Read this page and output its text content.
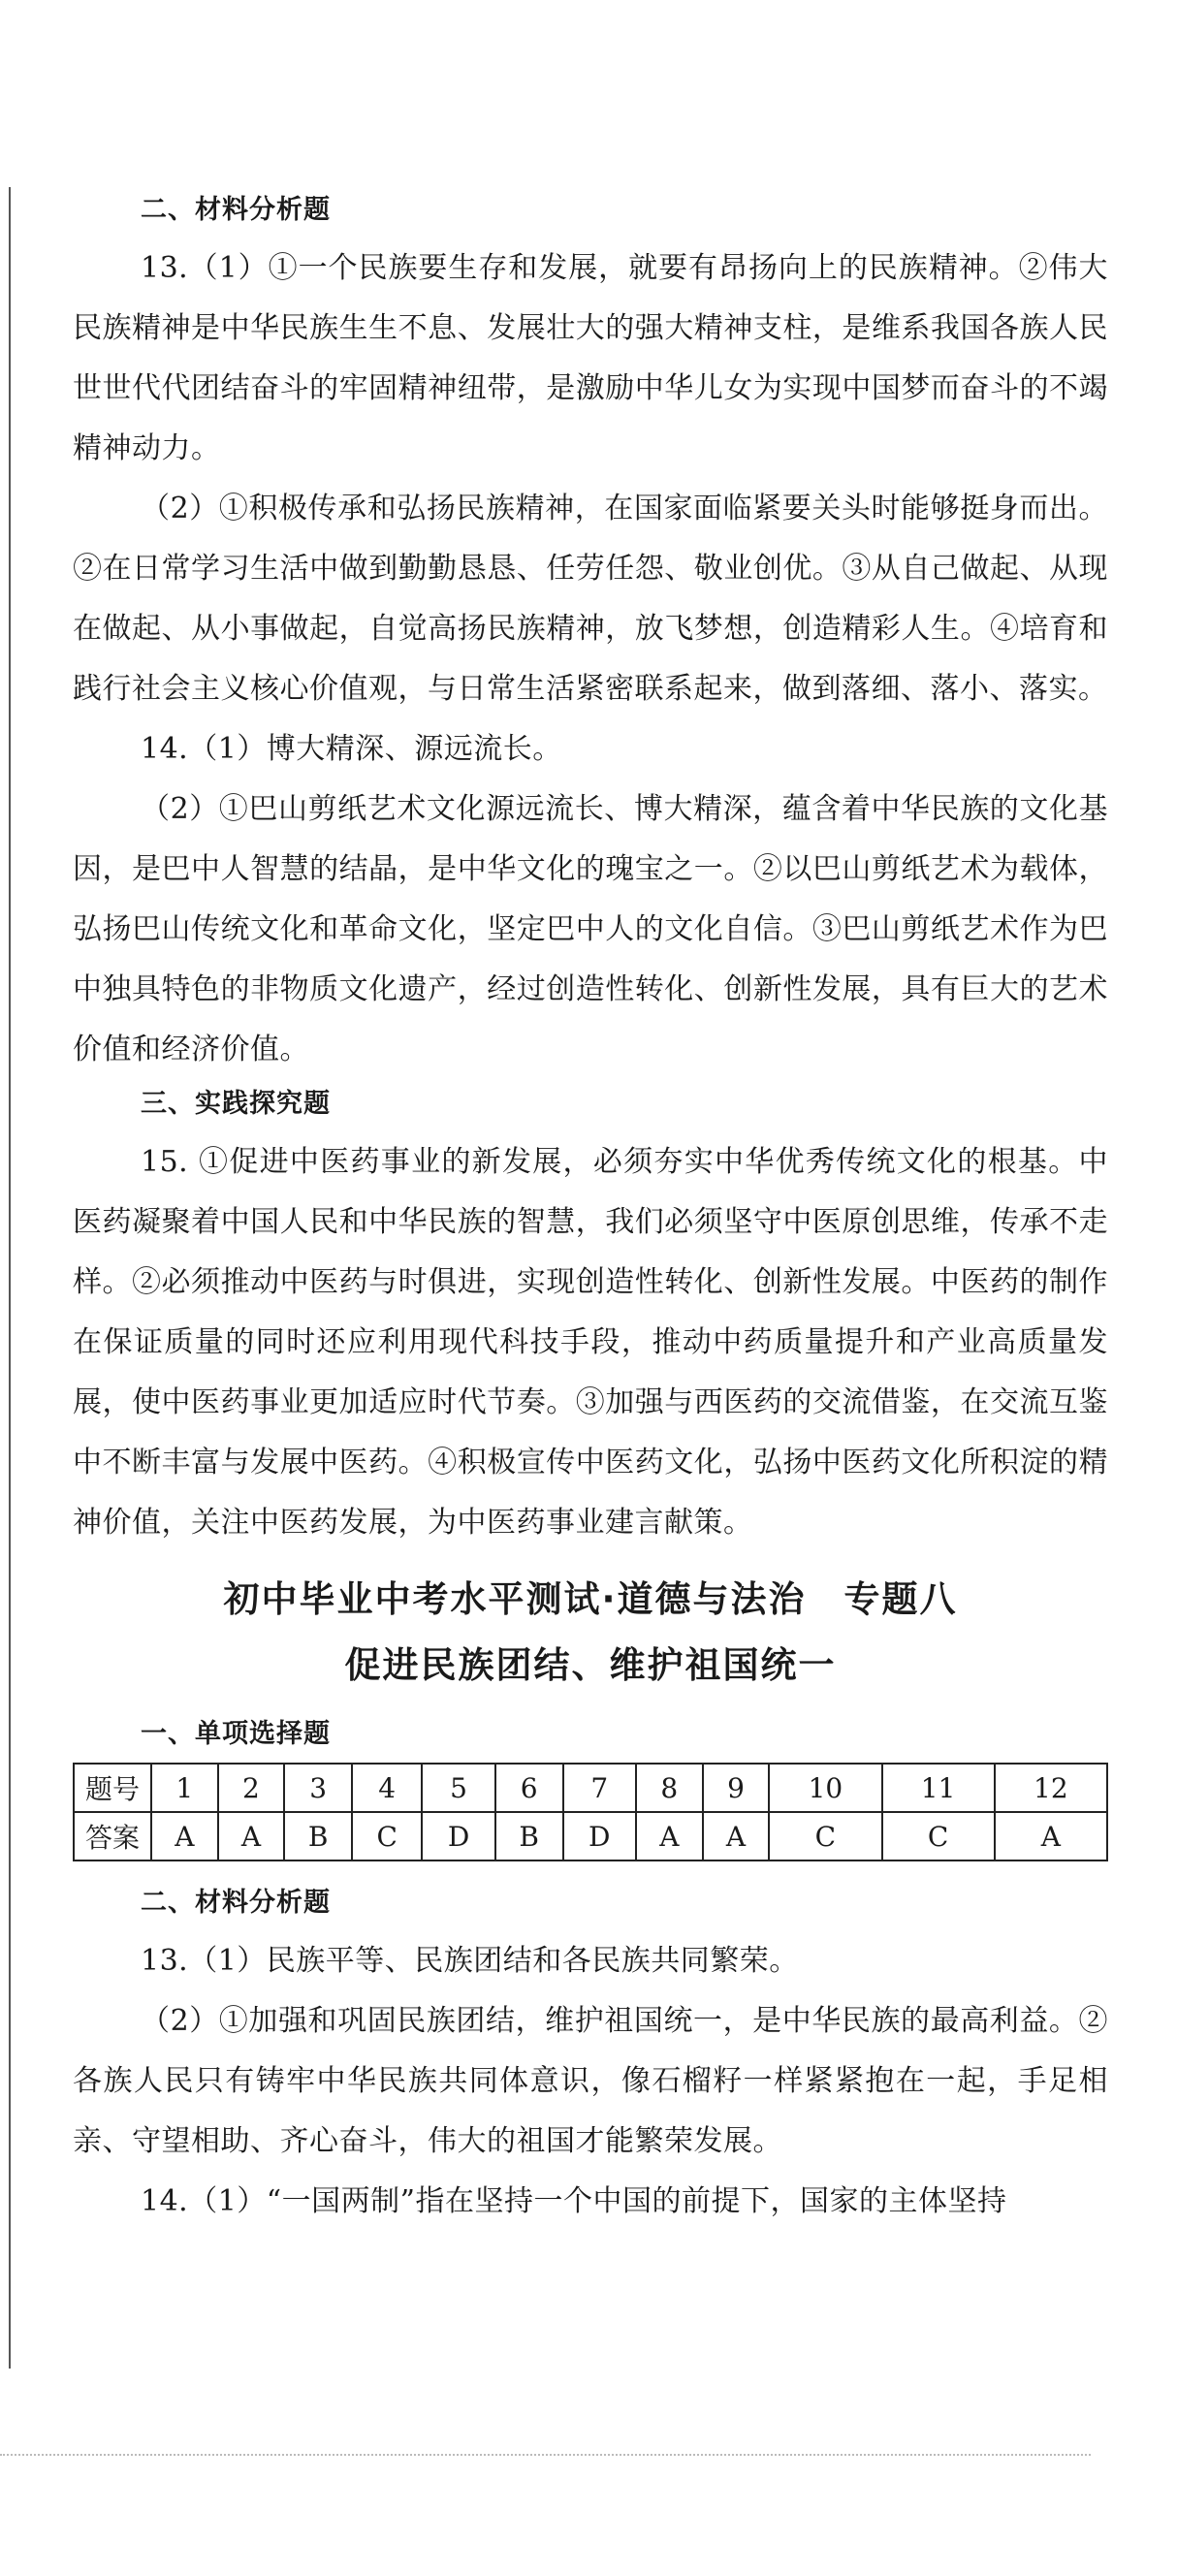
二、材料分析题

13.（1）①一个民族要生存和发展，就要有昂扬向上的民族精神。②伟大民族精神是中华民族生生不息、发展壮大的强大精神支柱，是维系我国各族人民世世代代团结奋斗的牢固精神纽带，是激励中华儿女为实现中国梦而奋斗的不竭精神动力。

（2）①积极传承和弘扬民族精神，在国家面临紧要关头时能够挺身而出。②在日常学习生活中做到勤勤恳恳、任劳任怨、敬业创优。③从自己做起、从现在做起、从小事做起，自觉高扬民族精神，放飞梦想，创造精彩人生。④培育和践行社会主义核心价值观，与日常生活紧密联系起来，做到落细、落小、落实。

14.（1）博大精深、源远流长。

（2）①巴山剪纸艺术文化源远流长、博大精深，蕴含着中华民族的文化基因，是巴中人智慧的结晶，是中华文化的瑰宝之一。②以巴山剪纸艺术为载体，弘扬巴山传统文化和革命文化，坚定巴中人的文化自信。③巴山剪纸艺术作为巴中独具特色的非物质文化遗产，经过创造性转化、创新性发展，具有巨大的艺术价值和经济价值。

三、实践探究题

15. ①促进中医药事业的新发展，必须夯实中华优秀传统文化的根基。中医药凝聚着中国人民和中华民族的智慧，我们必须坚守中医原创思维，传承不走样。②必须推动中医药与时俱进，实现创造性转化、创新性发展。中医药的制作在保证质量的同时还应利用现代科技手段，推动中药质量提升和产业高质量发展，使中医药事业更加适应时代节奏。③加强与西医药的交流借鉴，在交流互鉴中不断丰富与发展中医药。④积极宣传中医药文化，弘扬中医药文化所积淀的精神价值，关注中医药发展，为中医药事业建言献策。

初中毕业中考水平测试·道德与法治　专题八
促进民族团结、维护祖国统一
一、单项选择题
题号	1	2	3	4	5	6	7	8	9	10	11	12
答案	A	A	B	C	D	B	D	A	A	C	C	A
二、材料分析题

13.（1）民族平等、民族团结和各民族共同繁荣。

（2）①加强和巩固民族团结，维护祖国统一，是中华民族的最高利益。②各族人民只有铸牢中华民族共同体意识，像石榴籽一样紧紧抱在一起，手足相亲、守望相助、齐心奋斗，伟大的祖国才能繁荣发展。

14.（1）“一国两制”指在坚持一个中国的前提下，国家的主体坚持
